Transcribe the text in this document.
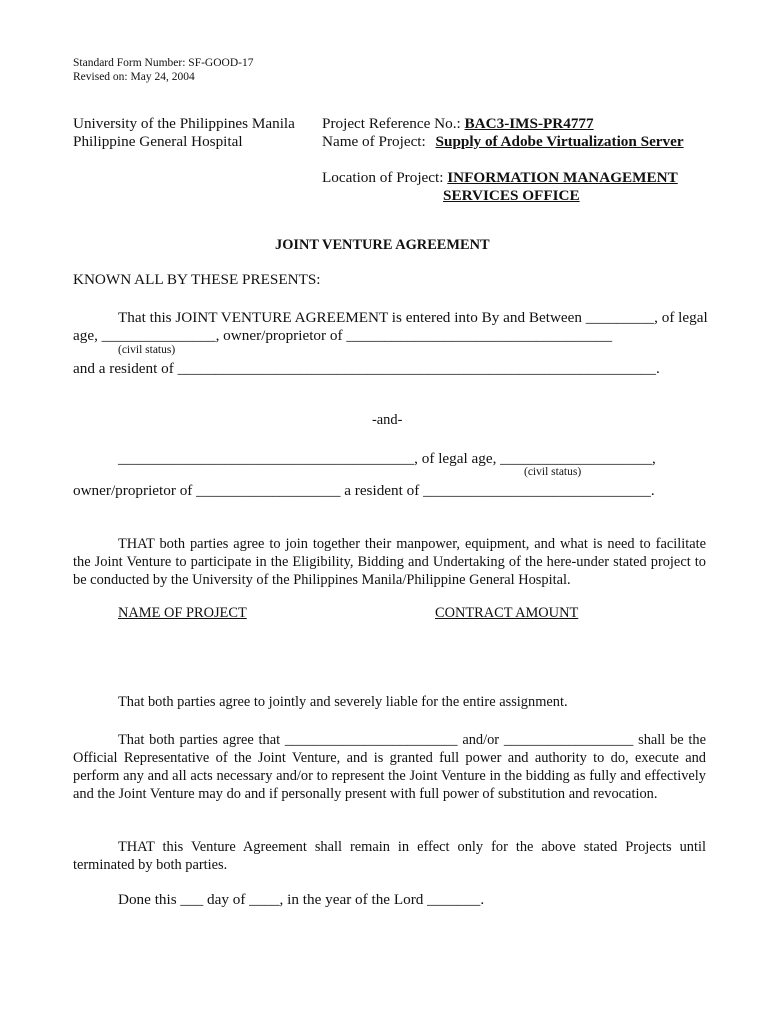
Standard Form Number: SF-GOOD-17
Revised on: May 24, 2004
University of the Philippines Manila
Philippine General Hospital
Project Reference No.: BAC3-IMS-PR4777
Name of Project: Supply of Adobe Virtualization Server
Location of Project: INFORMATION MANAGEMENT
SERVICES OFFICE
JOINT VENTURE AGREEMENT
KNOWN ALL BY THESE PRESENTS:
That this JOINT VENTURE AGREEMENT is entered into By and Between _________, of legal
age, _______________, owner/proprietor of ___________________________________
(civil status)
and a resident of _______________________________________________________________.
-and-
_______________________________________, of legal age, ____________________,
(civil status)
owner/proprietor of ___________________ a resident of ______________________________.
THAT both parties agree to join together their manpower, equipment, and what is need to facilitate the Joint Venture to participate in the Eligibility, Bidding and Undertaking of the here-under stated project to be conducted by the University of the Philippines Manila/Philippine General Hospital.
NAME OF PROJECT	CONTRACT AMOUNT
That both parties agree to jointly and severely liable for the entire assignment.
That both parties agree that ________________________ and/or __________________ shall be the Official Representative of the Joint Venture, and is granted full power and authority to do, execute and perform any and all acts necessary and/or to represent the Joint Venture in the bidding as fully and effectively and the Joint Venture may do and if personally present with full power of substitution and revocation.
THAT this Venture Agreement shall remain in effect only for the above stated Projects until terminated by both parties.
Done this ___ day of ____, in the year of the Lord _______.
